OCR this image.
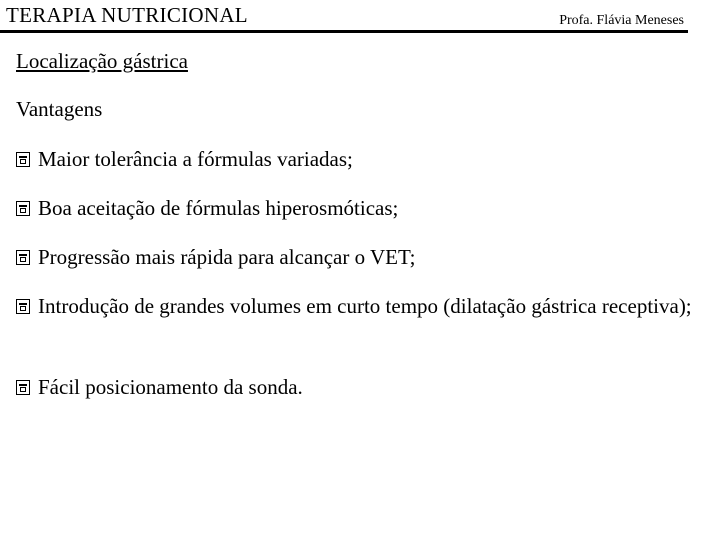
TERAPIA NUTRICIONAL	Profa. Flávia Meneses
Localização gástrica
Vantagens
Maior tolerância a fórmulas variadas;
Boa aceitação de fórmulas hiperosmóticas;
Progressão mais rápida para alcançar o VET;
Introdução de grandes volumes em curto tempo (dilatação gástrica receptiva);
Fácil posicionamento da sonda.
